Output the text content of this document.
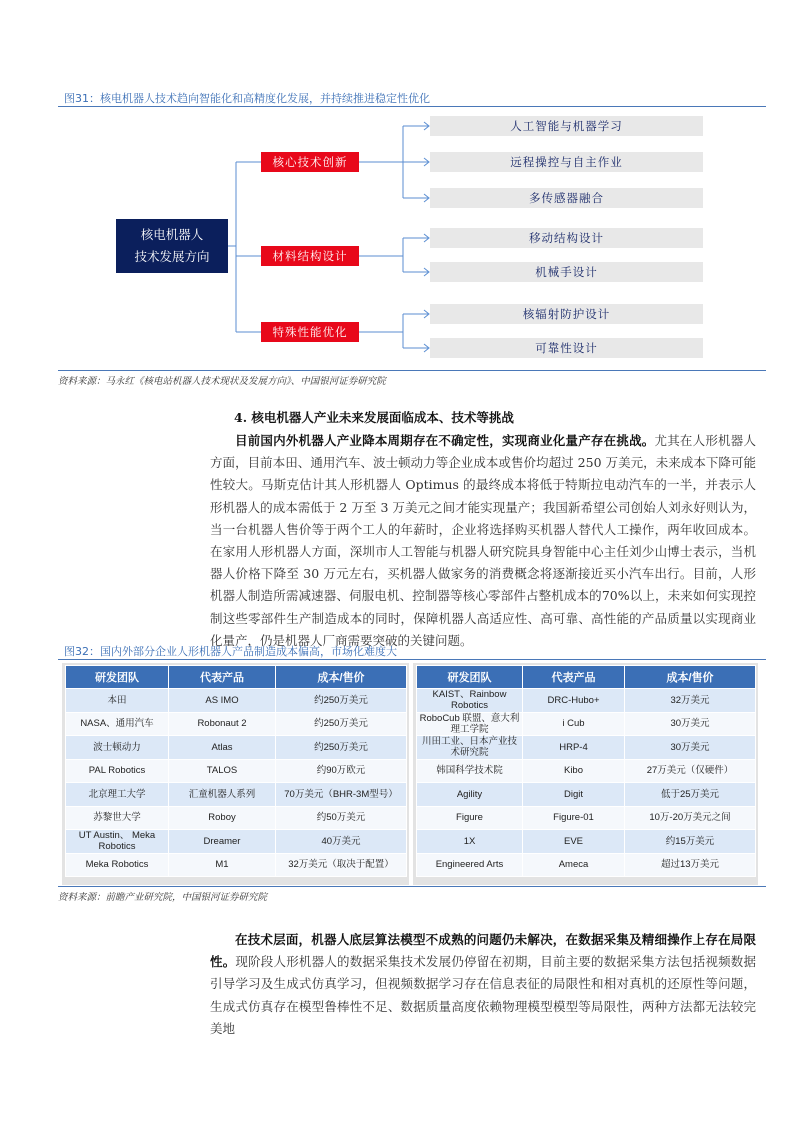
图31：核电机器人技术趋向智能化和高精度化发展，并持续推进稳定性优化
核电机器人
技术发展方向
核心技术创新
材料结构设计
特殊性能优化
人工智能与机器学习
远程操控与自主作业
多传感器融合
移动结构设计
机械手设计
核辐射防护设计
可靠性设计
资料来源：马永红《核电站机器人技术现状及发展方向》、中国银河证券研究院
4. 核电机器人产业未来发展面临成本、技术等挑战
目前国内外机器人产业降本周期存在不确定性，实现商业化量产存在挑战。尤其在人形机器人方面，目前本田、通用汽车、波士顿动力等企业成本或售价均超过 250 万美元，未来成本下降可能性较大。马斯克估计其人形机器人 Optimus 的最终成本将低于特斯拉电动汽车的一半，并表示人形机器人的成本需低于 2 万至 3 万美元之间才能实现量产；我国新希望公司创始人刘永好则认为，当一台机器人售价等于两个工人的年薪时，企业将选择购买机器人替代人工操作，两年收回成本。在家用人形机器人方面，深圳市人工智能与机器人研究院具身智能中心主任刘少山博士表示，当机器人价格下降至 30 万元左右，买机器人做家务的消费概念将逐渐接近买小汽车出行。目前，人形机器人制造所需减速器、伺服电机、控制器等核心零部件占整机成本的70%以上，未来如何实现控制这些零部件生产制造成本的同时，保障机器人高适应性、高可靠、高性能的产品质量以实现商业化量产，仍是机器人厂商需要突破的关键问题。
图32：国内外部分企业人形机器人产品制造成本偏高，市场化难度大
研发团队	代表产品	成本/售价
本田	AS IMO	约250万美元
NASA、通用汽车	Robonaut 2	约250万美元
波士顿动力	Atlas	约250万美元
PAL Robotics	TALOS	约90万欧元
北京理工大学	汇童机器人系列	70万美元（BHR-3M型号）
苏黎世大学	Roboy	约50万美元
UT Austin、 Meka Robotics	Dreamer	40万美元
Meka Robotics	M1	32万美元（取决于配置）
研发团队	代表产品	成本/售价
KAIST、Rainbow Robotics	DRC-Hubo+	32万美元
RoboCub 联盟、意大利理工学院	i Cub	30万美元
川田工业、日本产业技术研究院	HRP-4	30万美元
韩国科学技术院	Kibo	27万美元（仅硬件）
Agility	Digit	低于25万美元
Figure	Figure-01	10万-20万美元之间
1X	EVE	约15万美元
Engineered Arts	Ameca	超过13万美元
资料来源：前瞻产业研究院，中国银河证券研究院
在技术层面，机器人底层算法模型不成熟的问题仍未解决，在数据采集及精细操作上存在局限性。现阶段人形机器人的数据采集技术发展仍停留在初期，目前主要的数据采集方法包括视频数据引导学习及生成式仿真学习，但视频数据学习存在信息表征的局限性和相对真机的还原性等问题，生成式仿真存在模型鲁棒性不足、数据质量高度依赖物理模型模型等局限性，两种方法都无法较完美地
